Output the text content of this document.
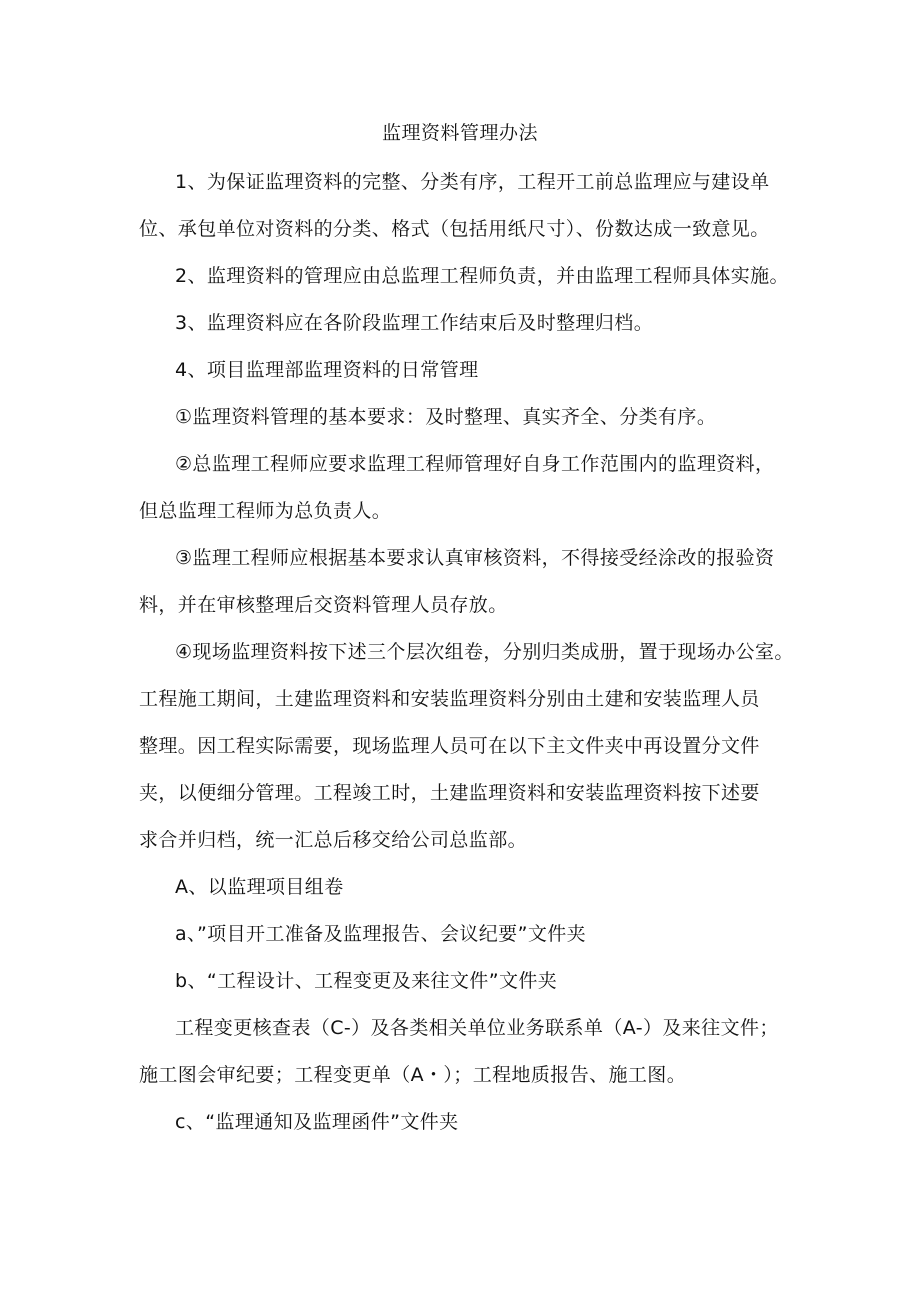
监理资料管理办法
1、为保证监理资料的完整、分类有序，工程开工前总监理应与建设单
位、承包单位对资料的分类、格式（包括用纸尺寸）、份数达成一致意见。
2、监理资料的管理应由总监理工程师负责，并由监理工程师具体实施。
3、监理资料应在各阶段监理工作结束后及时整理归档。
4、项目监理部监理资料的日常管理
①监理资料管理的基本要求：及时整理、真实齐全、分类有序。
②总监理工程师应要求监理工程师管理好自身工作范围内的监理资料，
但总监理工程师为总负责人。
③监理工程师应根据基本要求认真审核资料，不得接受经涂改的报验资
料，并在审核整理后交资料管理人员存放。
④现场监理资料按下述三个层次组卷，分别归类成册，置于现场办公室。
工程施工期间，土建监理资料和安装监理资料分别由土建和安装监理人员
整理。因工程实际需要，现场监理人员可在以下主文件夹中再设置分文件
夹，以便细分管理。工程竣工时，土建监理资料和安装监理资料按下述要
求合并归档，统一汇总后移交给公司总监部。
A、以监理项目组卷
a、”项目开工准备及监理报告、会议纪要”文件夹
b、“工程设计、工程变更及来往文件”文件夹
工程变更核查表（C-）及各类相关单位业务联系单（A-）及来往文件；
施工图会审纪要；工程变更单（A・）；工程地质报告、施工图。
c、“监理通知及监理函件”文件夹
